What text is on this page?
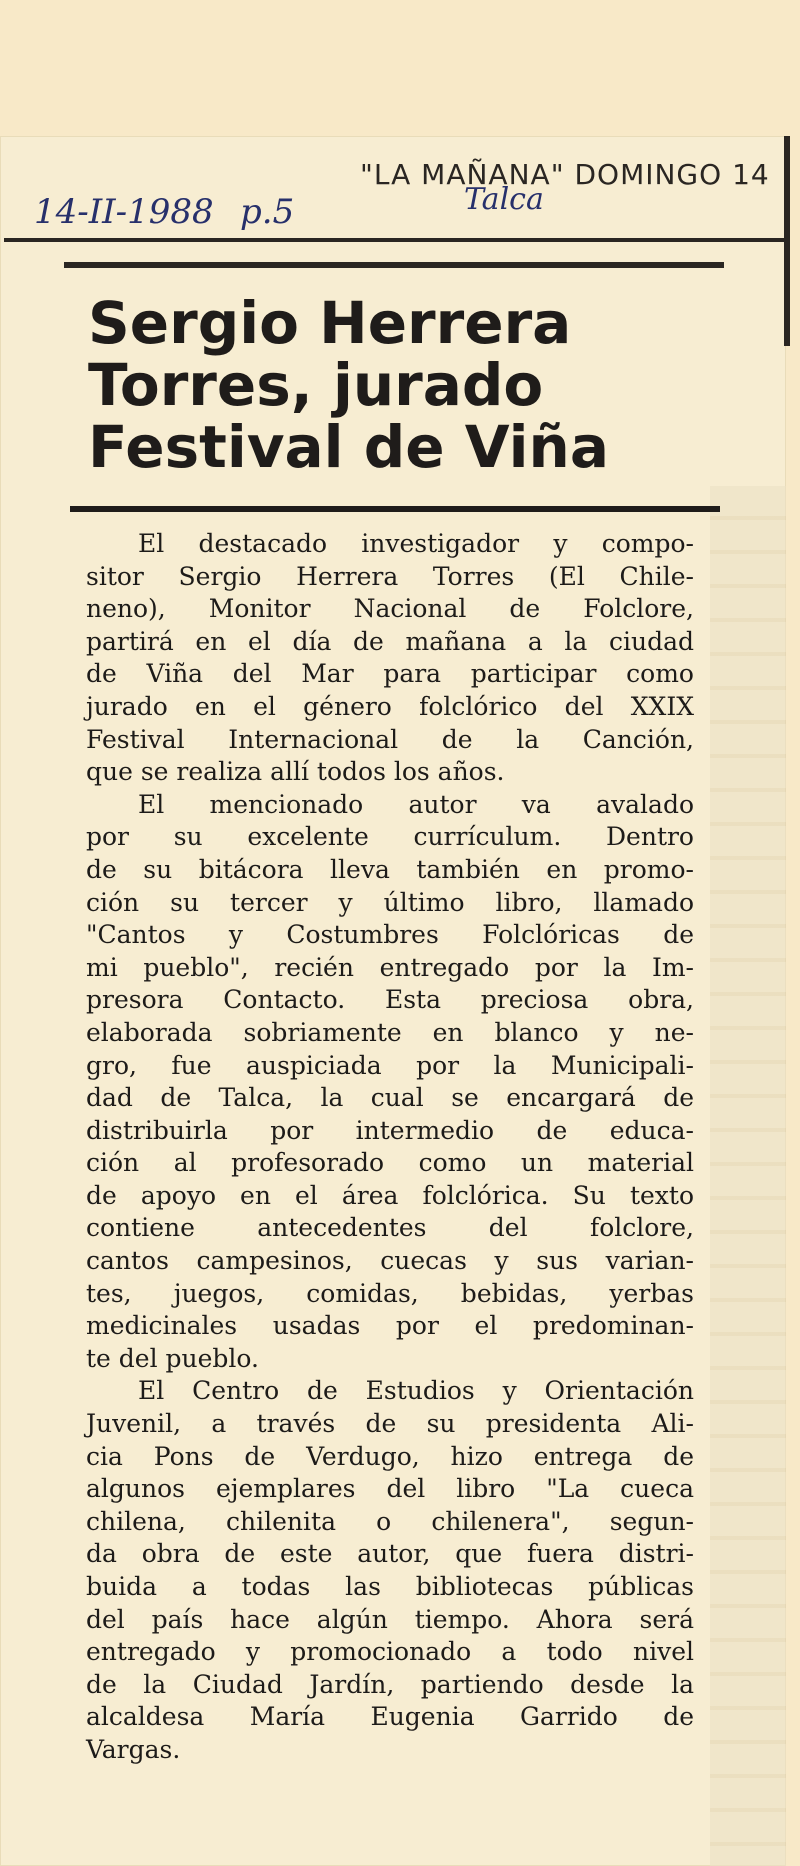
"LA MAÑANA" DOMINGO 14
14-II-1988 p.5	Talca
Sergio Herrera
Torres, jurado
Festival de Viña
El destacado investigador y compo-
sitor Sergio Herrera Torres (El Chile-
neno), Monitor Nacional de Folclore,
partirá en el día de mañana a la ciudad
de Viña del Mar para participar como
jurado en el género folclórico del XXIX
Festival Internacional de la Canción,
que se realiza allí todos los años.
El mencionado autor va avalado
por su excelente currículum. Dentro
de su bitácora lleva también en promo-
ción su tercer y último libro, llamado
"Cantos y Costumbres Folclóricas de
mi pueblo", recién entregado por la Im-
presora Contacto. Esta preciosa obra,
elaborada sobriamente en blanco y ne-
gro, fue auspiciada por la Municipali-
dad de Talca, la cual se encargará de
distribuirla por intermedio de educa-
ción al profesorado como un material
de apoyo en el área folclórica. Su texto
contiene antecedentes del folclore,
cantos campesinos, cuecas y sus varian-
tes, juegos, comidas, bebidas, yerbas
medicinales usadas por el predominan-
te del pueblo.
El Centro de Estudios y Orientación
Juvenil, a través de su presidenta Ali-
cia Pons de Verdugo, hizo entrega de
algunos ejemplares del libro "La cueca
chilena, chilenita o chilenera", segun-
da obra de este autor, que fuera distri-
buida a todas las bibliotecas públicas
del país hace algún tiempo. Ahora será
entregado y promocionado a todo nivel
de la Ciudad Jardín, partiendo desde la
alcaldesa María Eugenia Garrido de
Vargas.
